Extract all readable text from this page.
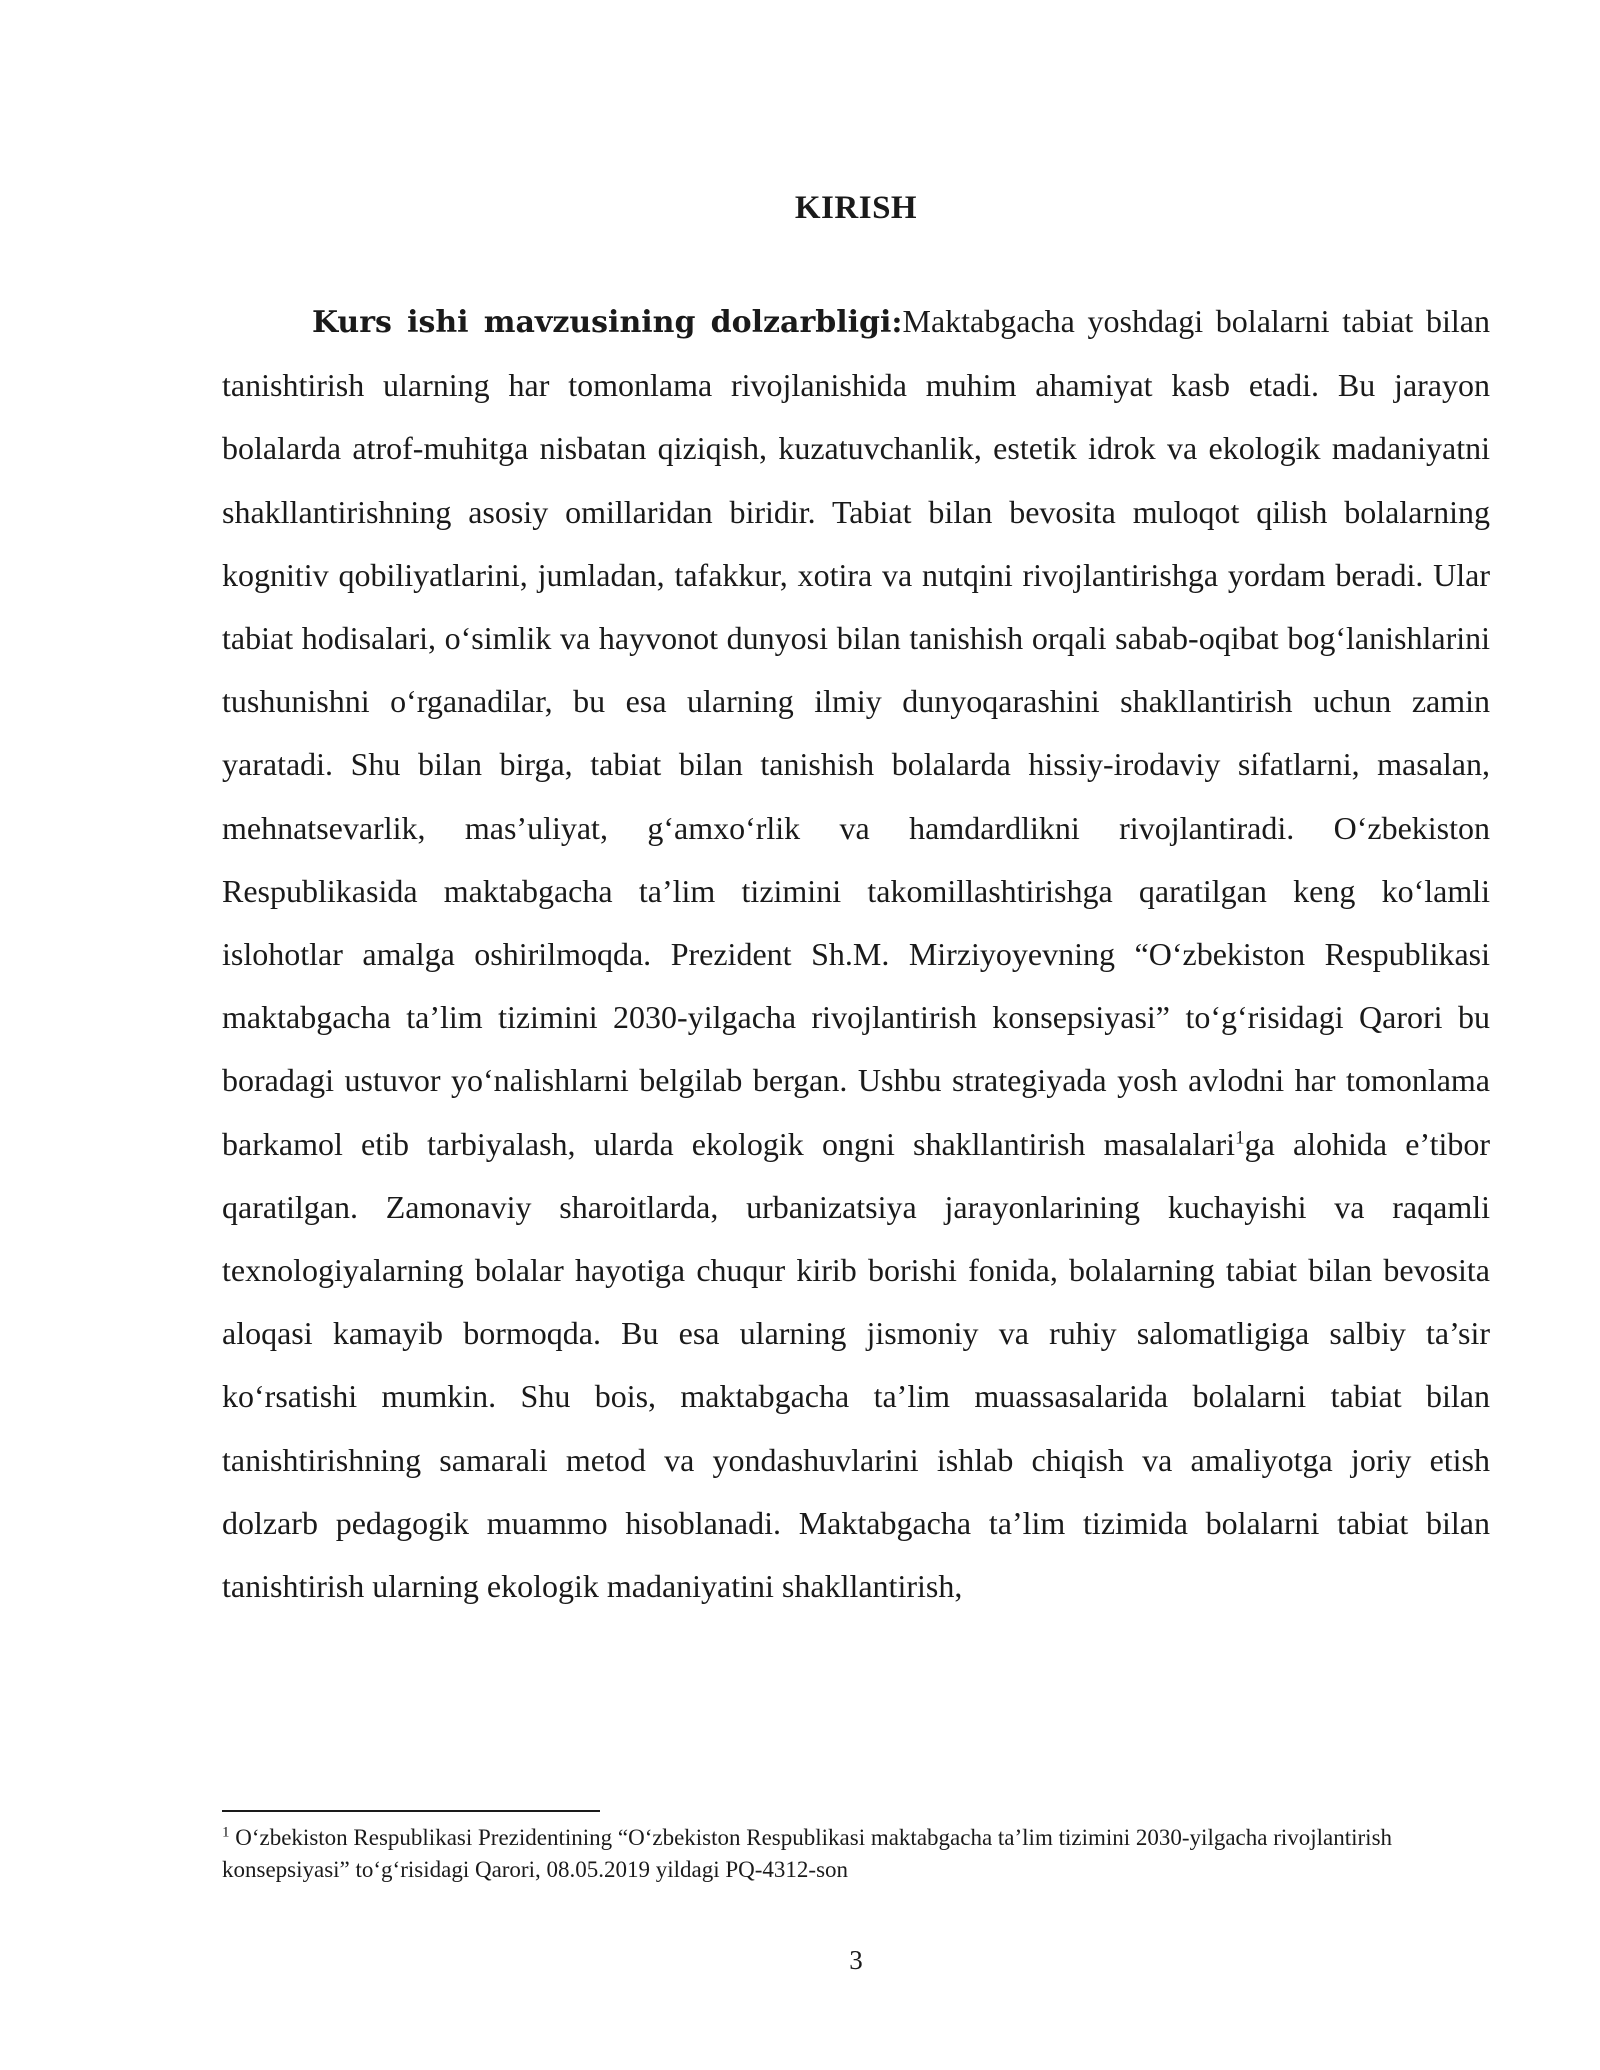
KIRISH

Kurs ishi mavzusining dolzarbligi:Maktabgacha yoshdagi bolalarni tabiat bilan tanishtirish ularning har tomonlama rivojlanishida muhim ahamiyat kasb etadi. Bu jarayon bolalarda atrof-muhitga nisbatan qiziqish, kuzatuvchanlik, estetik idrok va ekologik madaniyatni shakllantirishning asosiy omillaridan biridir. Tabiat bilan bevosita muloqot qilish bolalarning kognitiv qobiliyatlarini, jumladan, tafakkur, xotira va nutqini rivojlantirishga yordam beradi. Ular tabiat hodisalari, o‘simlik va hayvonot dunyosi bilan tanishish orqali sabab-oqibat bog‘lanishlarini tushunishni o‘rganadilar, bu esa ularning ilmiy dunyoqarashini shakllantirish uchun zamin yaratadi. Shu bilan birga, tabiat bilan tanishish bolalarda hissiy-irodaviy sifatlarni, masalan, mehnatsevarlik, mas’uliyat, g‘amxo‘rlik va hamdardlikni rivojlantiradi. O‘zbekiston Respublikasida maktabgacha ta’lim tizimini takomillashtirishga qaratilgan keng ko‘lamli islohotlar amalga oshirilmoqda. Prezident Sh.M. Mirziyoyevning “O‘zbekiston Respublikasi maktabgacha ta’lim tizimini 2030-yilgacha rivojlantirish konsepsiyasi” to‘g‘risidagi Qarori bu boradagi ustuvor yo‘nalishlarni belgilab bergan. Ushbu strategiyada yosh avlodni har tomonlama barkamol etib tarbiyalash, ularda ekologik ongni shakllantirish masalalari$^1$ga alohida e’tibor qaratilgan. Zamonaviy sharoitlarda, urbanizatsiya jarayonlarining kuchayishi va raqamli texnologiyalarning bolalar hayotiga chuqur kirib borishi fonida, bolalarning tabiat bilan bevosita aloqasi kamayib bormoqda. Bu esa ularning jismoniy va ruhiy salomatligiga salbiy ta’sir ko‘rsatishi mumkin. Shu bois, maktabgacha ta’lim muassasalarida bolalarni tabiat bilan tanishtirishning samarali metod va yondashuvlarini ishlab chiqish va amaliyotga joriy etish dolzarb pedagogik muammo hisoblanadi. Maktabgacha ta’lim tizimida bolalarni tabiat bilan tanishtirish ularning ekologik madaniyatini shakllantirish,

$^1$ O‘zbekiston Respublikasi Prezidentining “O‘zbekiston Respublikasi maktabgacha ta’lim tizimini 2030-yilgacha rivojlantirish konsepsiyasi” to‘g‘risidagi Qarori, 08.05.2019 yildagi PQ-4312-son

3
